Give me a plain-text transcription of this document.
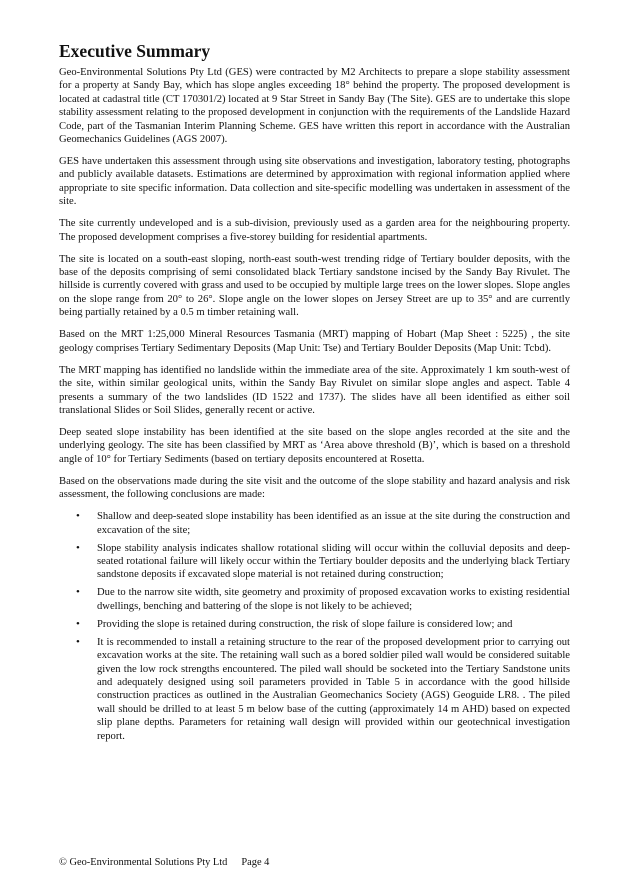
Executive Summary

Geo-Environmental Solutions Pty Ltd (GES) were contracted by M2 Architects to prepare a slope stability assessment for a property at Sandy Bay, which has slope angles exceeding 18° behind the property. The proposed development is located at cadastral title (CT 170301/2) located at 9 Star Street in Sandy Bay (The Site). GES are to undertake this slope stability assessment relating to the proposed development in conjunction with the requirements of the Landslide Hazard Code, part of the Tasmanian Interim Planning Scheme. GES have written this report in accordance with the Australian Geomechanics Guidelines (AGS 2007).

GES have undertaken this assessment through using site observations and investigation, laboratory testing, photographs and publicly available datasets. Estimations are determined by approximation with regional information applied where appropriate to site specific information. Data collection and site-specific modelling was undertaken in assessment of the site.

The site currently undeveloped and is a sub-division, previously used as a garden area for the neighbouring property. The proposed development comprises a five-storey building for residential apartments.

The site is located on a south-east sloping, north-east south-west trending ridge of Tertiary boulder deposits, with the base of the deposits comprising of semi consolidated black Tertiary sandstone incised by the Sandy Bay Rivulet. The hillside is currently covered with grass and used to be occupied by multiple large trees on the lower slopes. Slope angles on the slope range from 20° to 26°. Slope angle on the lower slopes on Jersey Street are up to 35° and are currently being partially retained by a 0.5 m timber retaining wall.

Based on the MRT 1:25,000 Mineral Resources Tasmania (MRT) mapping of Hobart (Map Sheet : 5225) , the site geology comprises Tertiary Sedimentary Deposits (Map Unit: Tse) and Tertiary Boulder Deposits (Map Unit: Tcbd).

The MRT mapping has identified no landslide within the immediate area of the site. Approximately 1 km south-west of the site, within similar geological units, within the Sandy Bay Rivulet on similar slope angles and aspect. Table 4 presents a summary of the two landslides (ID 1522 and 1737). The slides have all been identified as either soil translational Slides or Soil Slides, generally recent or active.

Deep seated slope instability has been identified at the site based on the slope angles recorded at the site and the underlying geology. The site has been classified by MRT as ‘Area above threshold (B)’, which is based on a threshold angle of 10° for Tertiary Sediments (based on tertiary deposits encountered at Rosetta.

Based on the observations made during the site visit and the outcome of the slope stability and hazard analysis and risk assessment, the following conclusions are made:

• Shallow and deep-seated slope instability has been identified as an issue at the site during the construction and excavation of the site;
• Slope stability analysis indicates shallow rotational sliding will occur within the colluvial deposits and deep-seated rotational failure will likely occur within the Tertiary boulder deposits and the underlying black Tertiary sandstone deposits if excavated slope material is not retained during construction;
• Due to the narrow site width, site geometry and proximity of proposed excavation works to existing residential dwellings, benching and battering of the slope is not likely to be achieved;
• Providing the slope is retained during construction, the risk of slope failure is considered low; and
• It is recommended to install a retaining structure to the rear of the proposed development prior to carrying out excavation works at the site. The retaining wall such as a bored soldier piled wall would be considered suitable given the low rock strengths encountered. The piled wall should be socketed into the Tertiary Sandstone units and adequately designed using soil parameters provided in Table 5 in accordance with the good hillside construction practices as outlined in the Australian Geomechanics Society (AGS) Geoguide LR8. . The piled wall should be drilled to at least 5 m below base of the cutting (approximately 14 m AHD) based on expected slip plane depths. Parameters for retaining wall design will provided within our geotechnical investigation report.
© Geo-Environmental Solutions Pty Ltd Page 4
